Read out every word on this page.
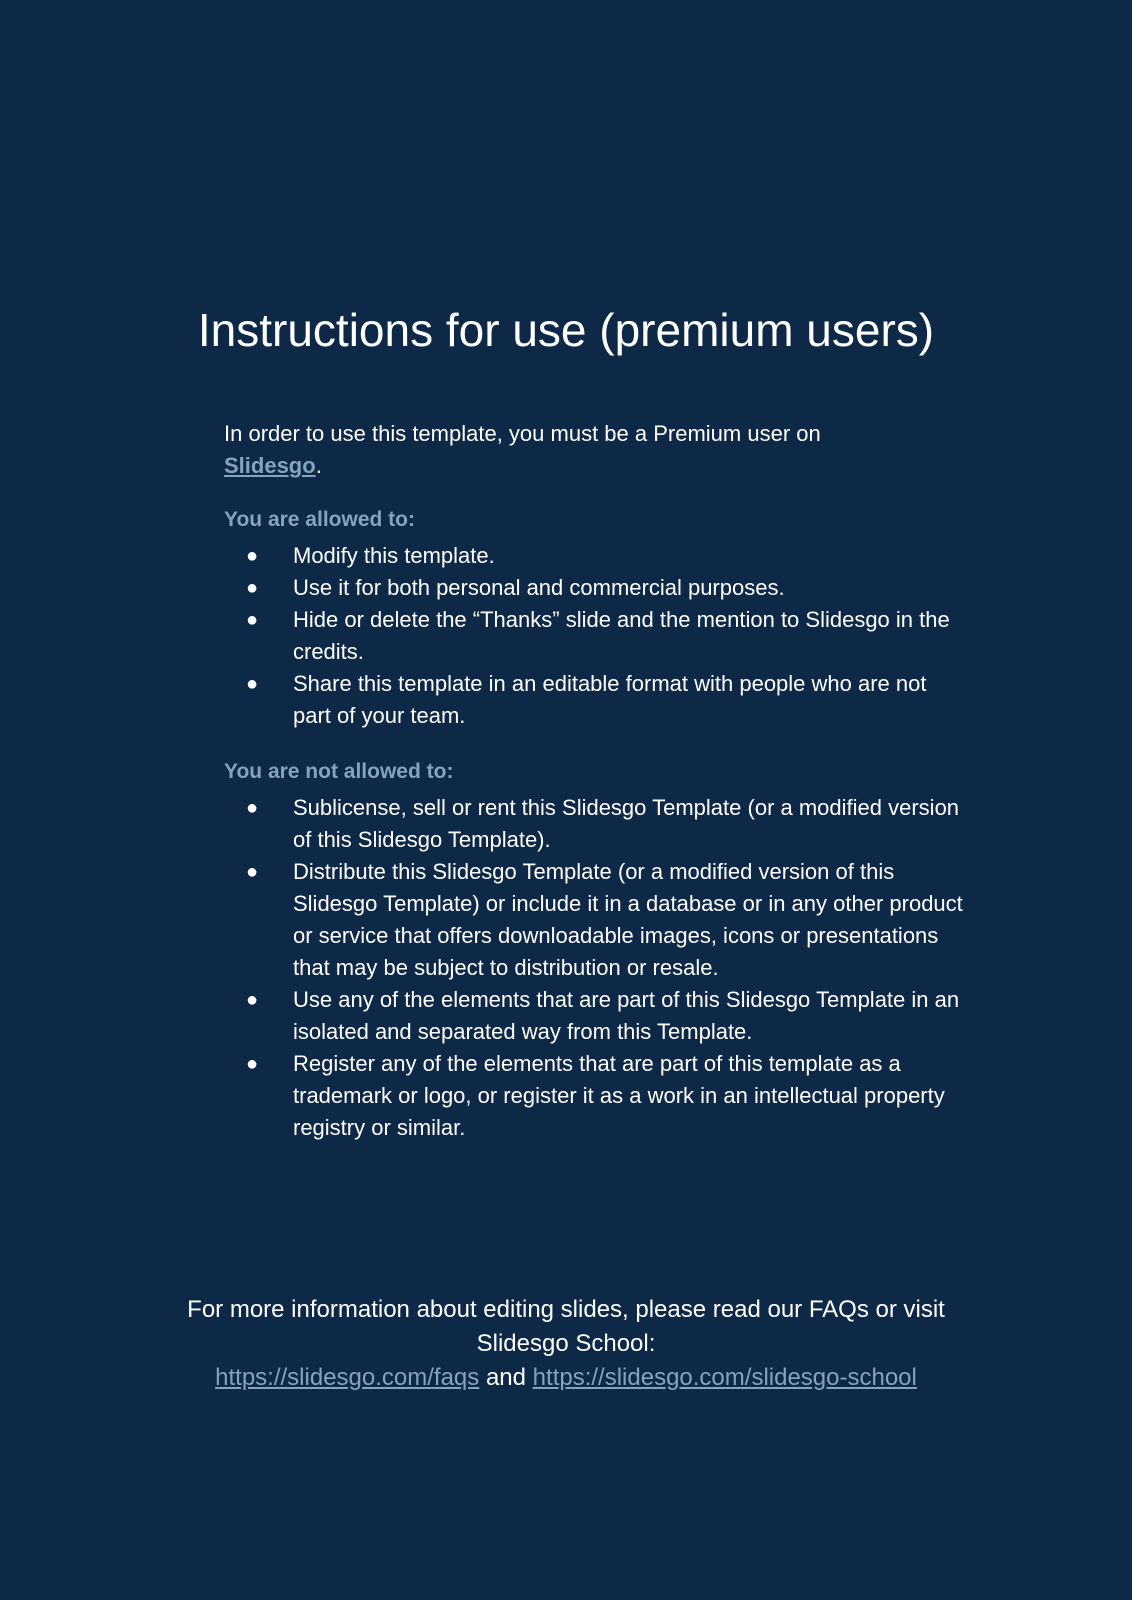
Instructions for use (premium users)

In order to use this template, you must be a Premium user on
Slidesgo.

You are allowed to:

● Modify this template.
● Use it for both personal and commercial purposes.
● Hide or delete the “Thanks” slide and the mention to Slidesgo in the credits.
● Share this template in an editable format with people who are not part of your team.

You are not allowed to:

● Sublicense, sell or rent this Slidesgo Template (or a modified version of this Slidesgo Template).
● Distribute this Slidesgo Template (or a modified version of this Slidesgo Template) or include it in a database or in any other product or service that offers downloadable images, icons or presentations that may be subject to distribution or resale.
● Use any of the elements that are part of this Slidesgo Template in an isolated and separated way from this Template.
● Register any of the elements that are part of this template as a trademark or logo, or register it as a work in an intellectual property registry or similar.

For more information about editing slides, please read our FAQs or visit Slidesgo School:
https://slidesgo.com/faqs and https://slidesgo.com/slidesgo-school
